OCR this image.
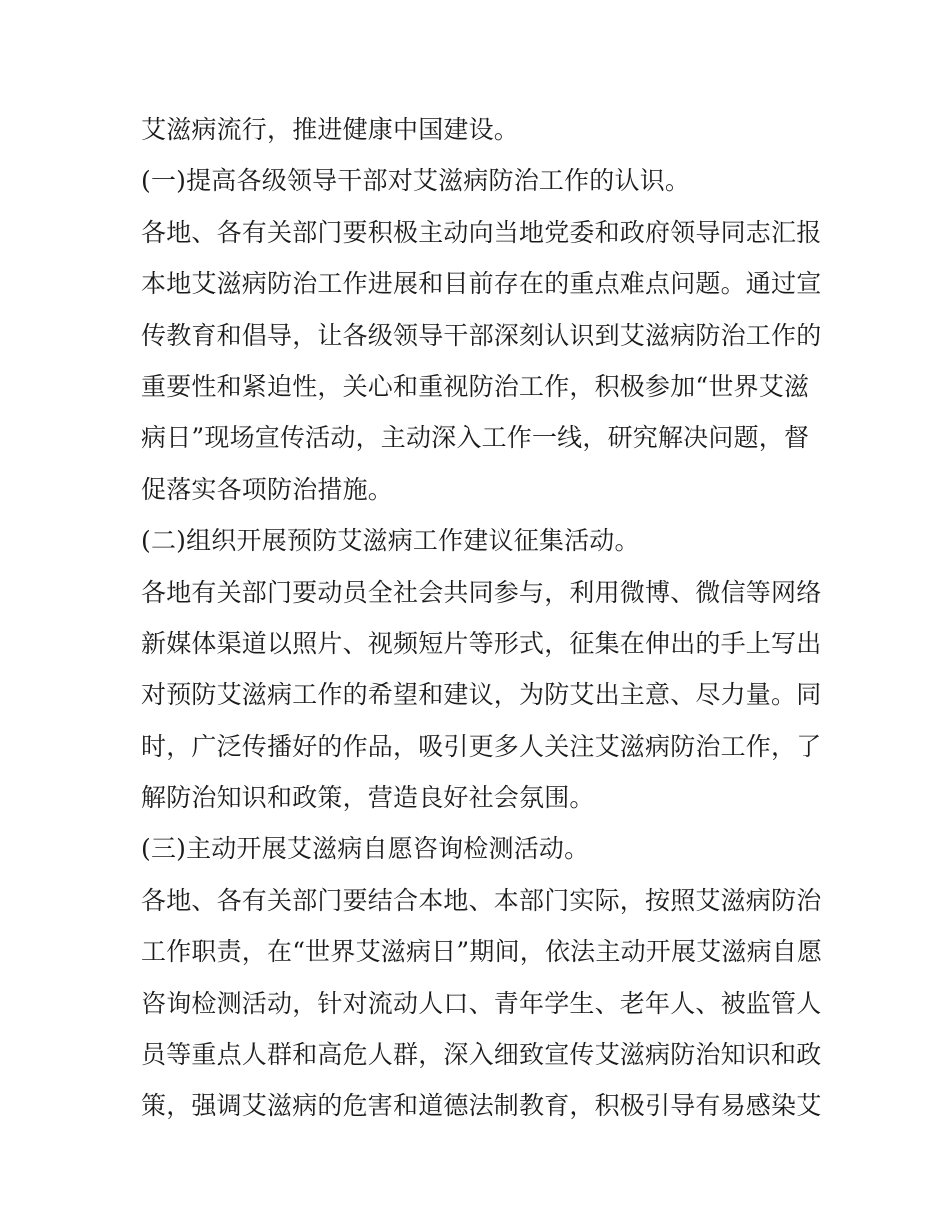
艾滋病流行，推进健康中国建设。
(一)提高各级领导干部对艾滋病防治工作的认识。
各地、各有关部门要积极主动向当地党委和政府领导同志汇报
本地艾滋病防治工作进展和目前存在的重点难点问题。通过宣
传教育和倡导，让各级领导干部深刻认识到艾滋病防治工作的
重要性和紧迫性，关心和重视防治工作，积极参加“世界艾滋
病日”现场宣传活动，主动深入工作一线，研究解决问题，督
促落实各项防治措施。
(二)组织开展预防艾滋病工作建议征集活动。
各地有关部门要动员全社会共同参与，利用微博、微信等网络
新媒体渠道以照片、视频短片等形式，征集在伸出的手上写出
对预防艾滋病工作的希望和建议，为防艾出主意、尽力量。同
时，广泛传播好的作品，吸引更多人关注艾滋病防治工作，了
解防治知识和政策，营造良好社会氛围。
(三)主动开展艾滋病自愿咨询检测活动。
各地、各有关部门要结合本地、本部门实际，按照艾滋病防治
工作职责，在“世界艾滋病日”期间，依法主动开展艾滋病自愿
咨询检测活动，针对流动人口、青年学生、老年人、被监管人
员等重点人群和高危人群，深入细致宣传艾滋病防治知识和政
策，强调艾滋病的危害和道德法制教育，积极引导有易感染艾
